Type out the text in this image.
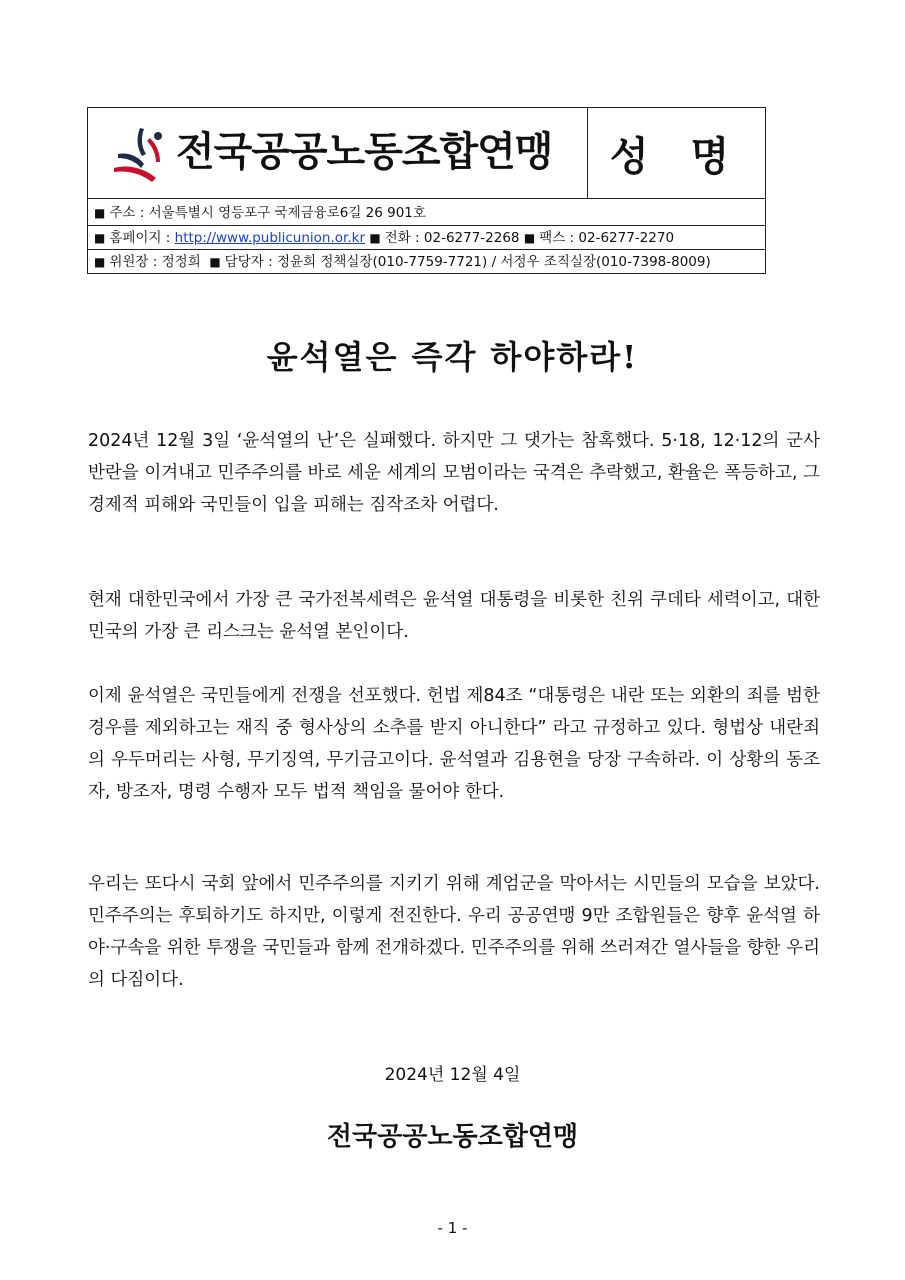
전국공공노동조합연맹	성 명
■ 주소 : 서울특별시 영등포구 국제금융로6길 26 901호
■ 홈페이지 : http://www.publicunion.or.kr ■ 전화 : 02-6277-2268 ■ 팩스 : 02-6277-2270
■ 위원장 : 정정희 ■ 담당자 : 정윤희 정책실장(010-7759-7721) / 서정우 조직실장(010-7398-8009)
윤석열은 즉각 하야하라!
2024년 12월 3일 ‘윤석열의 난’은 실패했다. 하지만 그 댓가는 참혹했다. 5·18, 12·12의 군사반란을 이겨내고 민주주의를 바로 세운 세계의 모범이라는 국격은 추락했고, 환율은 폭등하고, 그 경제적 피해와 국민들이 입을 피해는 짐작조차 어렵다.
현재 대한민국에서 가장 큰 국가전복세력은 윤석열 대통령을 비롯한 친위 쿠데타 세력이고, 대한민국의 가장 큰 리스크는 윤석열 본인이다.
이제 윤석열은 국민들에게 전쟁을 선포했다. 헌법 제84조 “대통령은 내란 또는 외환의 죄를 범한 경우를 제외하고는 재직 중 형사상의 소추를 받지 아니한다” 라고 규정하고 있다. 형법상 내란죄의 우두머리는 사형, 무기징역, 무기금고이다. 윤석열과 김용현을 당장 구속하라. 이 상황의 동조자, 방조자, 명령 수행자 모두 법적 책임을 물어야 한다.
우리는 또다시 국회 앞에서 민주주의를 지키기 위해 계엄군을 막아서는 시민들의 모습을 보았다. 민주주의는 후퇴하기도 하지만, 이렇게 전진한다. 우리 공공연맹 9만 조합원들은 향후 윤석열 하야·구속을 위한 투쟁을 국민들과 함께 전개하겠다. 민주주의를 위해 쓰러져간 열사들을 향한 우리의 다짐이다.
2024년 12월 4일
전국공공노동조합연맹
- 1 -
